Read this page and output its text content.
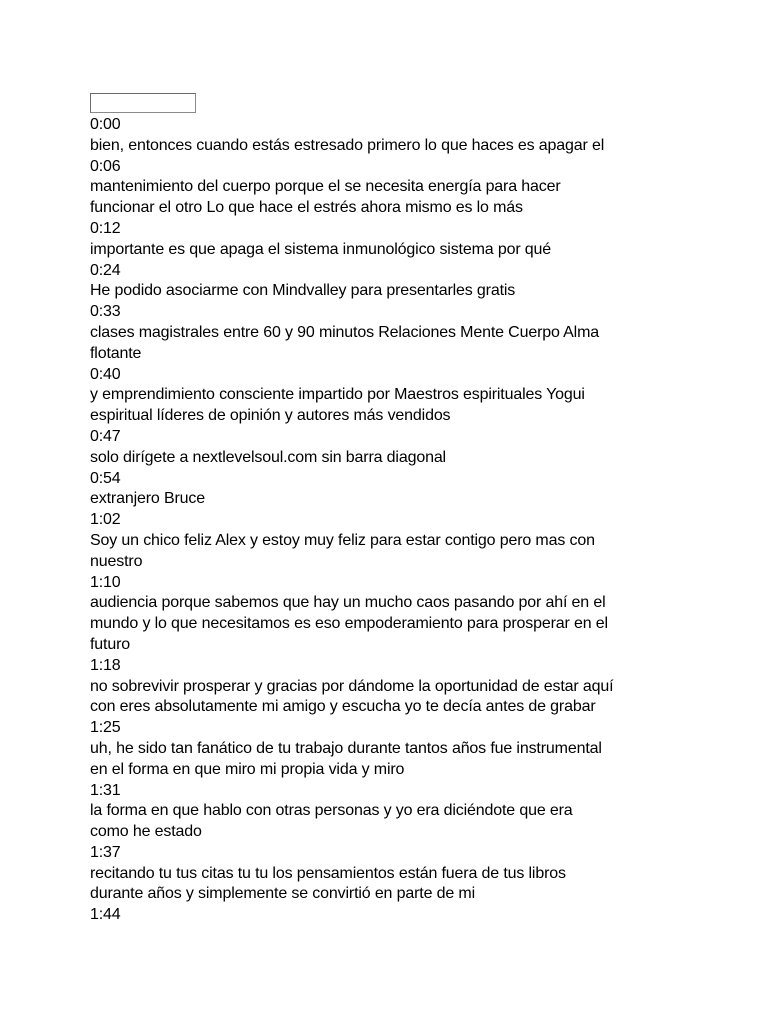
0:00
bien, entonces cuando estás estresado primero lo que haces es apagar el
0:06
mantenimiento del cuerpo porque el se necesita energía para hacer
funcionar el otro Lo que hace el estrés ahora mismo es lo más
0:12
importante es que apaga el sistema inmunológico sistema por qué
0:24
He podido asociarme con Mindvalley para presentarles gratis
0:33
clases magistrales entre 60 y 90 minutos Relaciones Mente Cuerpo Alma
flotante
0:40
y emprendimiento consciente impartido por Maestros espirituales Yogui
espiritual líderes de opinión y autores más vendidos
0:47
solo dirígete a nextlevelsoul.com sin barra diagonal
0:54
extranjero Bruce
1:02
Soy un chico feliz Alex y estoy muy feliz para estar contigo pero mas con
nuestro
1:10
audiencia porque sabemos que hay un mucho caos pasando por ahí en el
mundo y lo que necesitamos es eso empoderamiento para prosperar en el
futuro
1:18
no sobrevivir prosperar y gracias por dándome la oportunidad de estar aquí
con eres absolutamente mi amigo y escucha yo te decía antes de grabar
1:25
uh, he sido tan fanático de tu trabajo durante tantos años fue instrumental
en el forma en que miro mi propia vida y miro
1:31
la forma en que hablo con otras personas y yo era diciéndote que era
como he estado
1:37
recitando tu tus citas tu tu los pensamientos están fuera de tus libros
durante años y simplemente se convirtió en parte de mi
1:44
